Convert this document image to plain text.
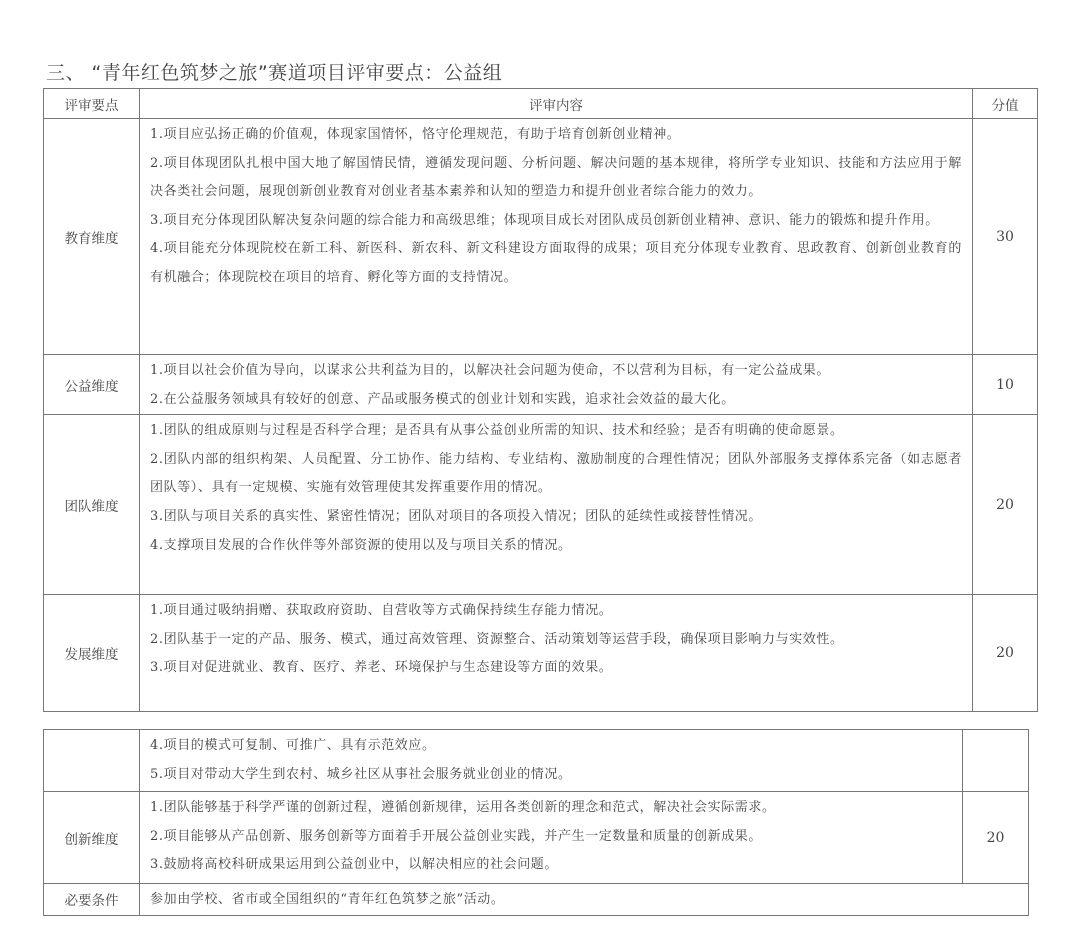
三、 “青年红色筑梦之旅”赛道项目评审要点：公益组
评审要点	评审内容	分值
教育维度	1.项目应弘扬正确的价值观，体现家国情怀，恪守伦理规范，有助于培育创新创业精神。
2.项目体现团队扎根中国大地了解国情民情，遵循发现问题、分析问题、解决问题的基本规律，将所学专业知识、技能和方法应用于解决各类社会问题，展现创新创业教育对创业者基本素养和认知的塑造力和提升创业者综合能力的效力。
3.项目充分体现团队解决复杂问题的综合能力和高级思维；体现项目成长对团队成员创新创业精神、意识、能力的锻炼和提升作用。
4.项目能充分体现院校在新工科、新医科、新农科、新文科建设方面取得的成果；项目充分体现专业教育、思政教育、创新创业教育的有机融合；体现院校在项目的培育、孵化等方面的支持情况。	30
公益维度	1.项目以社会价值为导向，以谋求公共利益为目的，以解决社会问题为使命，不以营利为目标，有一定公益成果。
2.在公益服务领域具有较好的创意、产品或服务模式的创业计划和实践，追求社会效益的最大化。	10
团队维度	1.团队的组成原则与过程是否科学合理；是否具有从事公益创业所需的知识、技术和经验；是否有明确的使命愿景。
2.团队内部的组织构架、人员配置、分工协作、能力结构、专业结构、激励制度的合理性情况；团队外部服务支撑体系完备（如志愿者团队等）、具有一定规模、实施有效管理使其发挥重要作用的情况。
3.团队与项目关系的真实性、紧密性情况；团队对项目的各项投入情况；团队的延续性或接替性情况。
4.支撑项目发展的合作伙伴等外部资源的使用以及与项目关系的情况。	20
发展维度	1.项目通过吸纳捐赠、获取政府资助、自营收等方式确保持续生存能力情况。
2.团队基于一定的产品、服务、模式，通过高效管理、资源整合、活动策划等运营手段，确保项目影响力与实效性。
3.项目对促进就业、教育、医疗、养老、环境保护与生态建设等方面的效果。	20

	4.项目的模式可复制、可推广、具有示范效应。
5.项目对带动大学生到农村、城乡社区从事社会服务就业创业的情况。	

创新维度	1.团队能够基于科学严谨的创新过程，遵循创新规律，运用各类创新的理念和范式，解决社会实际需求。
2.项目能够从产品创新、服务创新等方面着手开展公益创业实践，并产生一定数量和质量的创新成果。
3.鼓励将高校科研成果运用到公益创业中，以解决相应的社会问题。	20
必要条件	参加由学校、省市或全国组织的“青年红色筑梦之旅”活动。	
